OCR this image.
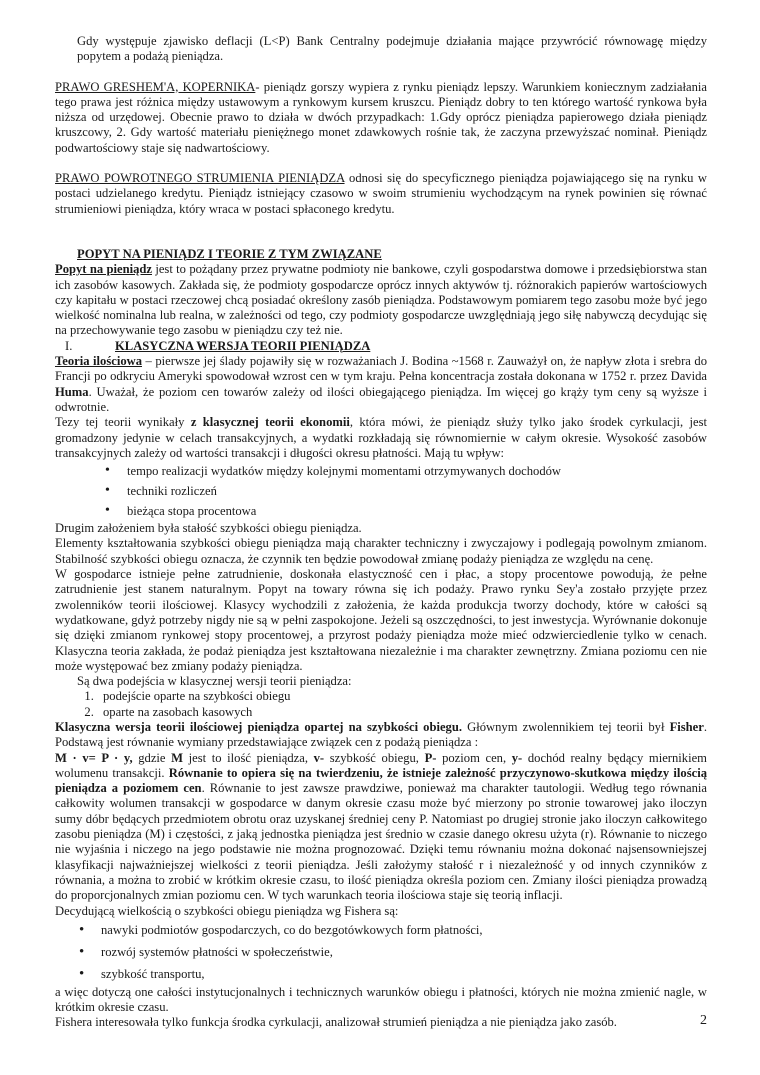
Gdy występuje zjawisko deflacji (L<P) Bank Centralny podejmuje działania mające przywrócić równowagę między popytem a podażą pieniądza.

PRAWO GRESHEM'A, KOPERNIKA- pieniądz gorszy wypiera z rynku pieniądz lepszy. Warunkiem koniecznym zadziałania tego prawa jest różnica między ustawowym a rynkowym kursem kruszcu. Pieniądz dobry to ten którego wartość rynkowa była niższa od urzędowej. Obecnie prawo to działa w dwóch przypadkach: 1.Gdy oprócz pieniądza papierowego działa pieniądz kruszcowy, 2. Gdy wartość materiału pieniężnego monet zdawkowych rośnie tak, że zaczyna przewyższać nominał. Pieniądz podwartościowy staje się nadwartościowy.

PRAWO POWROTNEGO STRUMIENIA PIENIĄDZA odnosi się do specyficznego pieniądza pojawiającego się na rynku w postaci udzielanego kredytu. Pieniądz istniejący czasowo w swoim strumieniu wychodzącym na rynek powinien się równać strumieniowi pieniądza, który wraca w postaci spłaconego kredytu.

POPYT NA PIENIĄDZ I TEORIE Z TYM ZWIĄZANE

Popyt na pieniądz jest to pożądany przez prywatne podmioty nie bankowe, czyli gospodarstwa domowe i przedsiębiorstwa stan ich zasobów kasowych. Zakłada się, że podmioty gospodarcze oprócz innych aktywów tj. różnorakich papierów wartościowych czy kapitału w postaci rzeczowej chcą posiadać określony zasób pieniądza. Podstawowym pomiarem tego zasobu może być jego wielkość nominalna lub realna, w zależności od tego, czy podmioty gospodarcze uwzględniają jego siłę nabywczą decydując się na przechowywanie tego zasobu w pieniądzu czy też nie.

I.	KLASYCZNA WERSJA TEORII PIENIĄDZA

Teoria ilościowa – pierwsze jej ślady pojawiły się w rozważaniach J. Bodina ~1568 r. Zauważył on, że napływ złota i srebra do Francji po odkryciu Ameryki spowodował wzrost cen w tym kraju. Pełna koncentracja została dokonana w 1752 r. przez Davida Huma. Uważał, że poziom cen towarów zależy od ilości obiegającego pieniądza. Im więcej go krąży tym ceny są wyższe i odwrotnie.

Tezy tej teorii wynikały z klasycznej teorii ekonomii, która mówi, że pieniądz służy tylko jako środek cyrkulacji, jest gromadzony jedynie w celach transakcyjnych, a wydatki rozkładają się równomiernie w całym okresie. Wysokość zasobów transakcyjnych zależy od wartości transakcji i długości okresu płatności. Mają tu wpływ:

• tempo realizacji wydatków między kolejnymi momentami otrzymywanych dochodów
• techniki rozliczeń
• bieżąca stopa procentowa

Drugim założeniem była stałość szybkości obiegu pieniądza.

Elementy kształtowania szybkości obiegu pieniądza mają charakter techniczny i zwyczajowy i podlegają powolnym zmianom. Stabilność szybkości obiegu oznacza, że czynnik ten będzie powodował zmianę podaży pieniądza ze względu na cenę.

W gospodarce istnieje pełne zatrudnienie, doskonała elastyczność cen i płac, a stopy procentowe powodują, że pełne zatrudnienie jest stanem naturalnym. Popyt na towary równa się ich podaży. Prawo rynku Sey'a zostało przyjęte przez zwolenników teorii ilościowej. Klasycy wychodzili z założenia, że każda produkcja tworzy dochody, które w całości są wydatkowane, gdyż potrzeby nigdy nie są w pełni zaspokojone. Jeżeli są oszczędności, to jest inwestycja. Wyrównanie dokonuje się dzięki zmianom rynkowej stopy procentowej, a przyrost podaży pieniądza może mieć odzwierciedlenie tylko w cenach. Klasyczna teoria zakłada, że podaż pieniądza jest kształtowana niezależnie i ma charakter zewnętrzny. Zmiana poziomu cen nie może występować bez zmiany podaży pieniądza.

Są dwa podejścia w klasycznej wersji teorii pieniądza:

1. podejście oparte na szybkości obiegu
2. oparte na zasobach kasowych

Klasyczna wersja teorii ilościowej pieniądza opartej na szybkości obiegu. Głównym zwolennikiem tej teorii był Fisher. Podstawą jest równanie wymiany przedstawiające związek cen z podażą pieniądza :

M · v= P · y, gdzie M jest to ilość pieniądza, v- szybkość obiegu, P- poziom cen, y- dochód realny będący miernikiem wolumenu transakcji. Równanie to opiera się na twierdzeniu, że istnieje zależność przyczynowo-skutkowa między ilością pieniądza a poziomem cen. Równanie to jest zawsze prawdziwe, ponieważ ma charakter tautologii. Według tego równania całkowity wolumen transakcji w gospodarce w danym okresie czasu może być mierzony po stronie towarowej jako iloczyn sumy dóbr będących przedmiotem obrotu oraz uzyskanej średniej ceny P. Natomiast po drugiej stronie jako iloczyn całkowitego zasobu pieniądza (M) i częstości, z jaką jednostka pieniądza jest średnio w czasie danego okresu użyta (r). Równanie to niczego nie wyjaśnia i niczego na jego podstawie nie można prognozować. Dzięki temu równaniu można dokonać najsensowniejszej klasyfikacji najważniejszej wielkości z teorii pieniądza. Jeśli założymy stałość r i niezależność y od innych czynników z równania, a można to zrobić w krótkim okresie czasu, to ilość pieniądza określa poziom cen. Zmiany ilości pieniądza prowadzą do proporcjonalnych zmian poziomu cen. W tych warunkach teoria ilościowa staje się teorią inflacji.

Decydującą wielkością o szybkości obiegu pieniądza wg Fishera są:

• nawyki podmiotów gospodarczych, co do bezgotówkowych form płatności,
• rozwój systemów płatności w społeczeństwie,
• szybkość transportu,

a więc dotyczą one całości instytucjonalnych i technicznych warunków obiegu i płatności, których nie można zmienić nagle, w krótkim okresie czasu.

Fishera interesowała tylko funkcja środka cyrkulacji, analizował strumień pieniądza a nie pieniądza jako zasób.	2
